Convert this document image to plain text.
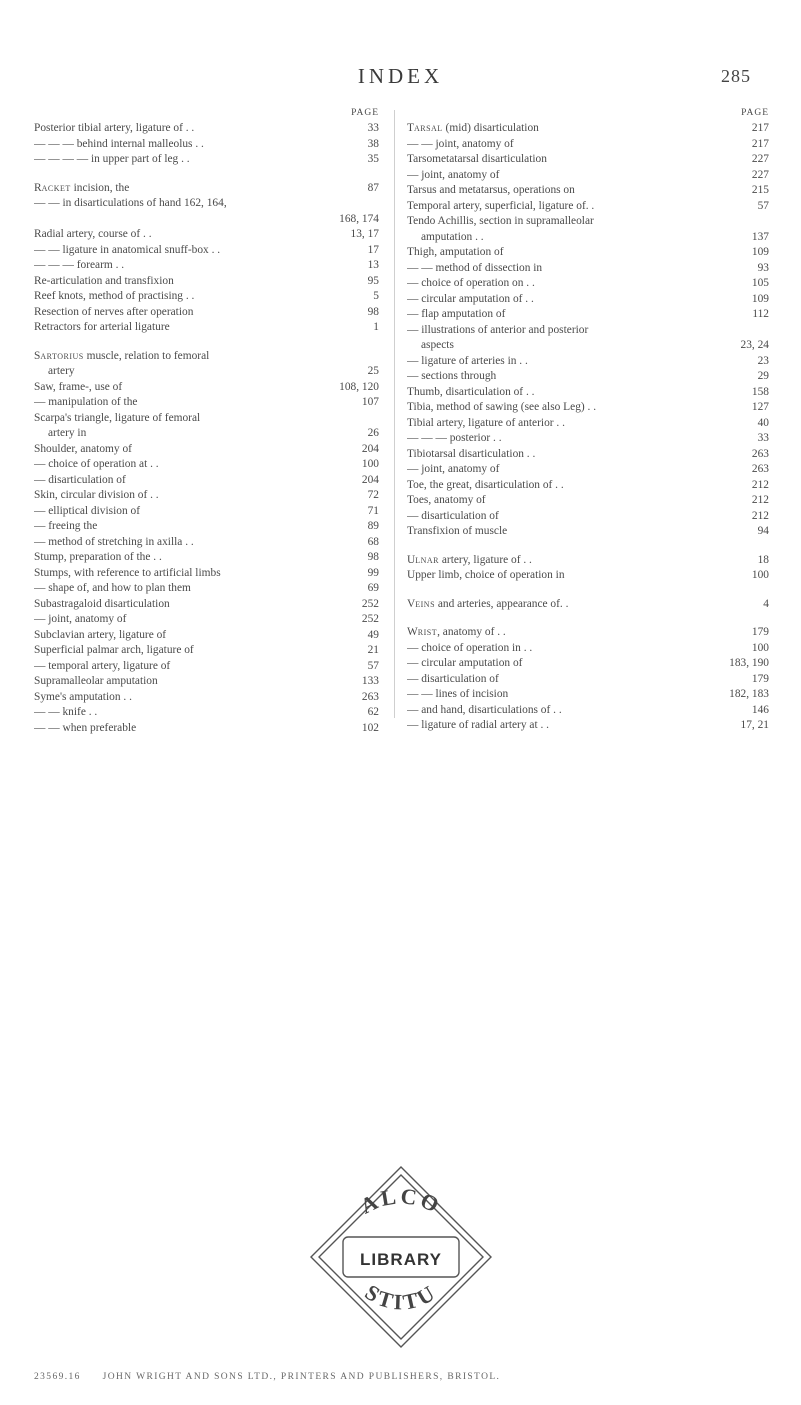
INDEX	285
PAGE
Posterior tibial artery, ligature of . .	33
— — — behind internal malleolus . .	38
— — — — in upper part of leg . .	35
Racket incision, the	87
— — in disarticulations of hand 162, 164,
168, 174
Radial artery, course of . .	13, 17
— — ligature in anatomical snuff-box . .	17
— — — forearm . .	13
Re-articulation and transfixion	95
Reef knots, method of practising . .	5
Resection of nerves after operation	98
Retractors for arterial ligature	1
Sartorius muscle, relation to femoral
artery	25
Saw, frame-, use of	108, 120
— manipulation of the	107
Scarpa's triangle, ligature of femoral
artery in	26
Shoulder, anatomy of	204
— choice of operation at . .	100
— disarticulation of	204
Skin, circular division of . .	72
— elliptical division of	71
— freeing the	89
— method of stretching in axilla . .	68
Stump, preparation of the . .	98
Stumps, with reference to artificial limbs	99
— shape of, and how to plan them	69
Subastragaloid disarticulation	252
— joint, anatomy of	252
Subclavian artery, ligature of	49
Superficial palmar arch, ligature of	21
— temporal artery, ligature of	57
Supramalleolar amputation	133
Syme's amputation . .	263
— — knife . .	62
— — when preferable	102
PAGE
Tarsal (mid) disarticulation	217
— — joint, anatomy of	217
Tarsometatarsal disarticulation	227
— joint, anatomy of	227
Tarsus and metatarsus, operations on	215
Temporal artery, superficial, ligature of. .	57
Tendo Achillis, section in supramalleolar
amputation . .	137
Thigh, amputation of	109
— — method of dissection in	93
— choice of operation on . .	105
— circular amputation of . .	109
— flap amputation of	112
— illustrations of anterior and posterior
aspects	23, 24
— ligature of arteries in . .	23
— sections through	29
Thumb, disarticulation of . .	158
Tibia, method of sawing (see also Leg) . .	127
Tibial artery, ligature of anterior . .	40
— — — posterior . .	33
Tibiotarsal disarticulation . .	263
— joint, anatomy of	263
Toe, the great, disarticulation of . .	212
Toes, anatomy of	212
— disarticulation of	212
Transfixion of muscle	94
Ulnar artery, ligature of . .	18
Upper limb, choice of operation in	100
Veins and arteries, appearance of. .	4
Wrist, anatomy of . .	179
— choice of operation in . .	100
— circular amputation of	183, 190
— disarticulation of	179
— — lines of incision	182, 183
— and hand, disarticulations of . .	146
— ligature of radial artery at . .	17, 21
ALCO
LIBRARY
STITU
23569.16 JOHN WRIGHT AND SONS LTD., PRINTERS AND PUBLISHERS, BRISTOL.
